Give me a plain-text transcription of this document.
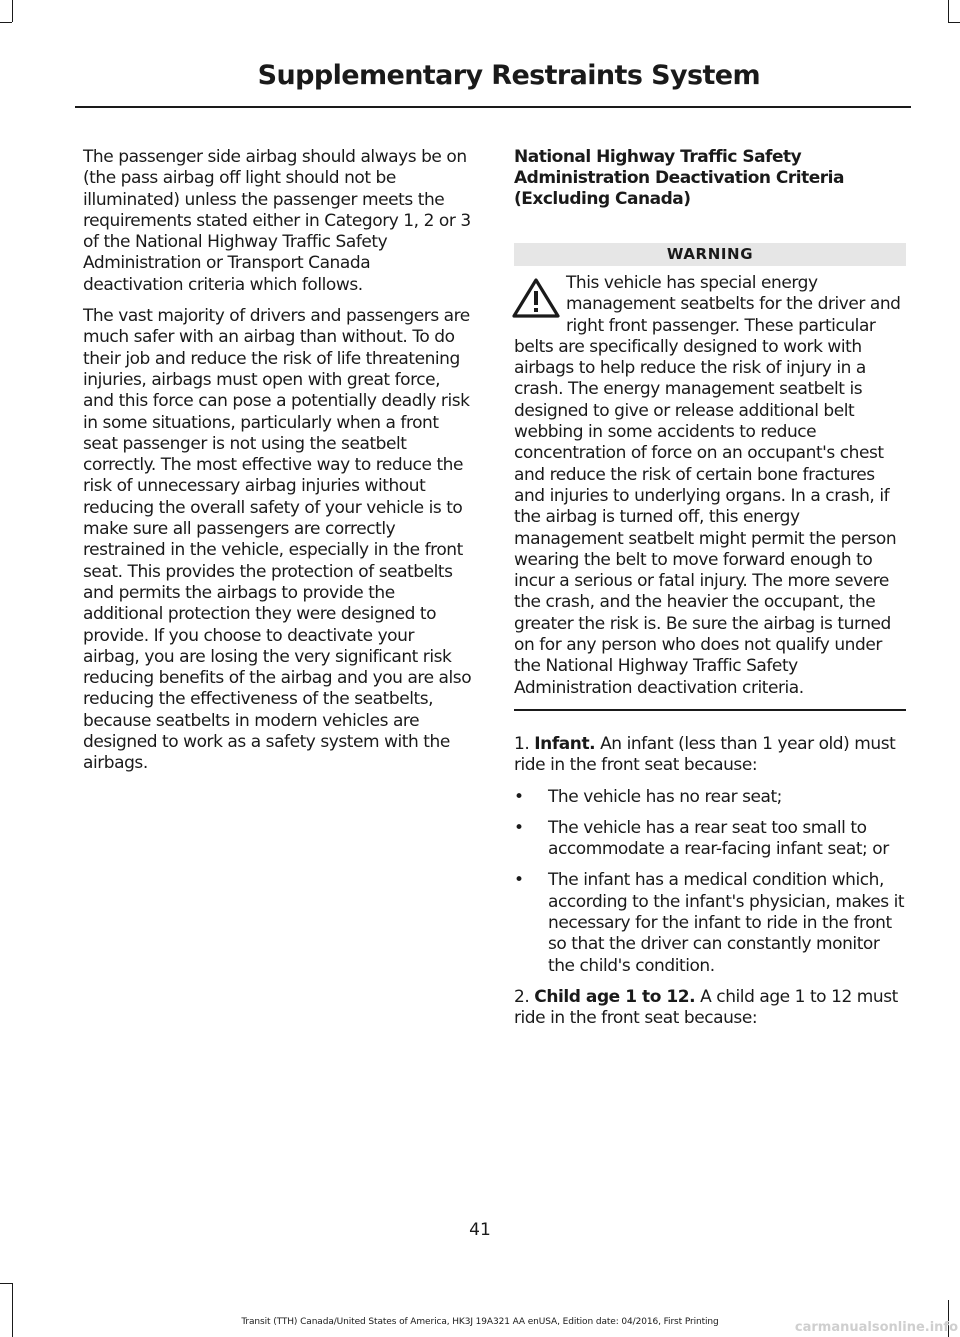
Supplementary Restraints System

The passenger side airbag should always be on (the pass airbag off light should not be illuminated) unless the passenger meets the requirements stated either in Category 1, 2 or 3 of the National Highway Traffic Safety Administration or Transport Canada deactivation criteria which follows.

The vast majority of drivers and passengers are much safer with an airbag than without. To do their job and reduce the risk of life threatening injuries, airbags must open with great force, and this force can pose a potentially deadly risk in some situations, particularly when a front seat passenger is not using the seatbelt correctly. The most effective way to reduce the risk of unnecessary airbag injuries without reducing the overall safety of your vehicle is to make sure all passengers are correctly restrained in the vehicle, especially in the front seat. This provides the protection of seatbelts and permits the airbags to provide the additional protection they were designed to provide. If you choose to deactivate your airbag, you are losing the very significant risk reducing benefits of the airbag and you are also reducing the effectiveness of the seatbelts, because seatbelts in modern vehicles are designed to work as a safety system with the airbags.

National Highway Traffic Safety Administration Deactivation Criteria (Excluding Canada)
WARNING
This vehicle has special energy management seatbelts for the driver and right front passenger. These particular belts are specifically designed to work with airbags to help reduce the risk of injury in a crash. The energy management seatbelt is designed to give or release additional belt webbing in some accidents to reduce concentration of force on an occupant's chest and reduce the risk of certain bone fractures and injuries to underlying organs. In a crash, if the airbag is turned off, this energy management seatbelt might permit the person wearing the belt to move forward enough to incur a serious or fatal injury. The more severe the crash, and the heavier the occupant, the greater the risk is. Be sure the airbag is turned on for any person who does not qualify under the National Highway Traffic Safety Administration deactivation criteria.

1. Infant. An infant (less than 1 year old) must ride in the front seat because:

• The vehicle has no rear seat;
• The vehicle has a rear seat too small to accommodate a rear-facing infant seat; or
• The infant has a medical condition which, according to the infant's physician, makes it necessary for the infant to ride in the front so that the driver can constantly monitor the child's condition.

2. Child age 1 to 12. A child age 1 to 12 must ride in the front seat because:

41
Transit (TTH) Canada/United States of America, HK3J 19A321 AA enUSA, Edition date: 04/2016, First Printing	carmanualsonline.info
